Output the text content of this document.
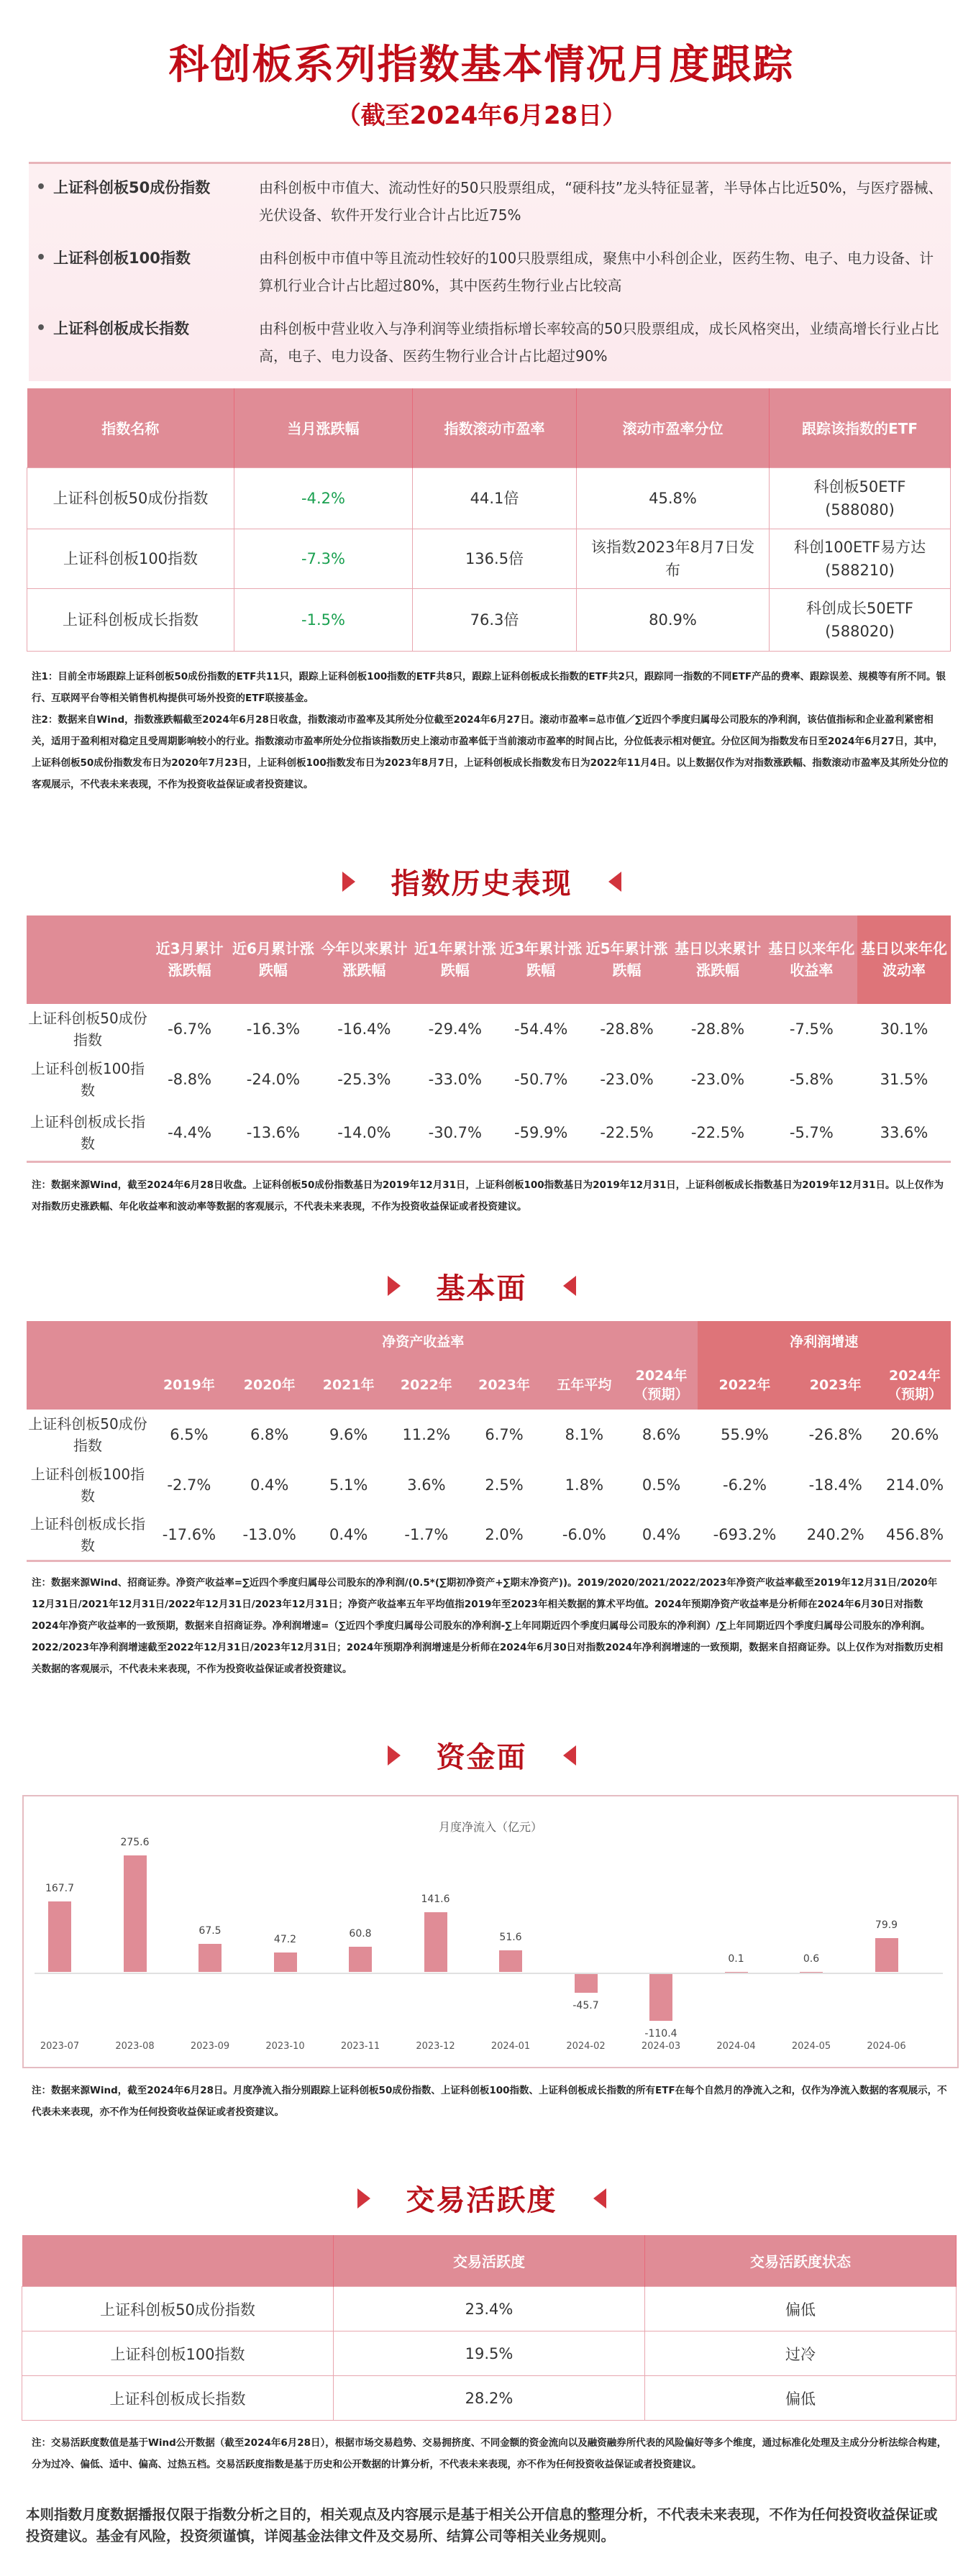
科创板系列指数基本情况月度跟踪
（截至2024年6月28日）
• 上证科创板50成份指数	由科创板中市值大、流动性好的50只股票组成，“硬科技”龙头特征显著，半导体占比近50%，与医疗器械、光伏设备、软件开发行业合计占比近75%
• 上证科创板100指数	由科创板中市值中等且流动性较好的100只股票组成，聚焦中小科创企业，医药生物、电子、电力设备、计算机行业合计占比超过80%，其中医药生物行业占比较高
• 上证科创板成长指数	由科创板中营业收入与净利润等业绩指标增长率较高的50只股票组成，成长风格突出，业绩高增长行业占比高，电子、电力设备、医药生物行业合计占比超过90%
指数名称	当月涨跌幅	指数滚动市盈率	滚动市盈率分位	跟踪该指数的ETF
上证科创板50成份指数	-4.2%	44.1倍	45.8%	科创板50ETF
(588080)

上证科创板100指数	-7.3%	136.5倍	该指数2023年8月7日发布	科创100ETF易方达
(588210)

上证科创板成长指数	-1.5%	76.3倍	80.9%	科创成长50ETF
(588020)
注1：目前全市场跟踪上证科创板50成份指数的ETF共11只，跟踪上证科创板100指数的ETF共8只，跟踪上证科创板成长指数的ETF共2只，跟踪同一指数的不同ETF产品的费率、跟踪误差、规模等有所不同。银行、互联网平台等相关销售机构提供可场外投资的ETF联接基金。
注2：数据来自Wind，指数涨跌幅截至2024年6月28日收盘，指数滚动市盈率及其所处分位截至2024年6月27日。滚动市盈率=总市值／∑近四个季度归属母公司股东的净利润，该估值指标和企业盈利紧密相关，适用于盈利相对稳定且受周期影响较小的行业。指数滚动市盈率所处分位指该指数历史上滚动市盈率低于当前滚动市盈率的时间占比，分位低表示相对便宜。分位区间为指数发布日至2024年6月27日，其中，上证科创板50成份指数发布日为2020年7月23日，上证科创板100指数发布日为2023年8月7日，上证科创板成长指数发布日为2022年11月4日。以上数据仅作为对指数涨跌幅、指数滚动市盈率及其所处分位的客观展示，不代表未来表现，不作为投资收益保证或者投资建议。
指数历史表现
	近3月累计涨跌幅	近6月累计涨跌幅	今年以来累计涨跌幅	近1年累计涨跌幅	近3年累计涨跌幅	近5年累计涨跌幅	基日以来累计涨跌幅	基日以来年化收益率	基日以来年化波动率
上证科创板50成份指数	-6.7%	-16.3%	-16.4%	-29.4%	-54.4%	-28.8%	-28.8%	-7.5%	30.1%
上证科创板100指数	-8.8%	-24.0%	-25.3%	-33.0%	-50.7%	-23.0%	-23.0%	-5.8%	31.5%
上证科创板成长指数	-4.4%	-13.6%	-14.0%	-30.7%	-59.9%	-22.5%	-22.5%	-5.7%	33.6%
注：数据来源Wind，截至2024年6月28日收盘。上证科创板50成份指数基日为2019年12月31日，上证科创板100指数基日为2019年12月31日，上证科创板成长指数基日为2019年12月31日。以上仅作为对指数历史涨跌幅、年化收益率和波动率等数据的客观展示，不代表未来表现，不作为投资收益保证或者投资建议。
基本面
	净资产收益率							净利润增速		
	2019年	2020年	2021年	2022年	2023年	五年平均	2024年（预期）	2022年	2023年	2024年（预期）
上证科创板50成份指数	6.5%	6.8%	9.6%	11.2%	6.7%	8.1%	8.6%	55.9%	-26.8%	20.6%
上证科创板100指数	-2.7%	0.4%	5.1%	3.6%	2.5%	1.8%	0.5%	-6.2%	-18.4%	214.0%
上证科创板成长指数	-17.6%	-13.0%	0.4%	-1.7%	2.0%	-6.0%	0.4%	-693.2%	240.2%	456.8%
注：数据来源Wind、招商证券。净资产收益率=∑近四个季度归属母公司股东的净利润/(0.5*(∑期初净资产+∑期末净资产))。2019/2020/2021/2022/2023年净资产收益率截至2019年12月31日/2020年12月31日/2021年12月31日/2022年12月31日/2023年12月31日；净资产收益率五年平均值指2019年至2023年相关数据的算术平均值。2024年预期净资产收益率是分析师在2024年6月30日对指数2024年净资产收益率的一致预期，数据来自招商证券。净利润增速=（∑近四个季度归属母公司股东的净利润-∑上年同期近四个季度归属母公司股东的净利润）/∑上年同期近四个季度归属母公司股东的净利润。2022/2023年净利润增速截至2022年12月31日/2023年12月31日；2024年预期净利润增速是分析师在2024年6月30日对指数2024年净利润增速的一致预期，数据来自招商证券。以上仅作为对指数历史相关数据的客观展示，不代表未来表现，不作为投资收益保证或者投资建议。
资金面
月度净流入（亿元）
167.7
2023-07
275.6
2023-08
67.5
2023-09
47.2
2023-10
60.8
2023-11
141.6
2023-12
51.6
2024-01
-45.7
2024-02
-110.4
2024-03
0.1
2024-04
0.6
2024-05
79.9
2024-06
注：数据来源Wind，截至2024年6月28日。月度净流入指分别跟踪上证科创板50成份指数、上证科创板100指数、上证科创板成长指数的所有ETF在每个自然月的净流入之和，仅作为净流入数据的客观展示，不代表未来表现，亦不作为任何投资收益保证或者投资建议。
交易活跃度
	交易活跃度	交易活跃度状态
上证科创板50成份指数	23.4%	偏低
上证科创板100指数	19.5%	过冷
上证科创板成长指数	28.2%	偏低
注：交易活跃度数值是基于Wind公开数据（截至2024年6月28日），根据市场交易趋势、交易拥挤度、不同金额的资金流向以及融资融券所代表的风险偏好等多个维度，通过标准化处理及主成分分析法综合构建，分为过冷、偏低、适中、偏高、过热五档。交易活跃度指数是基于历史和公开数据的计算分析，不代表未来表现，亦不作为任何投资收益保证或者投资建议。
本则指数月度数据播报仅限于指数分析之目的，相关观点及内容展示是基于相关公开信息的整理分析，不代表未来表现，不作为任何投资收益保证或投资建议。基金有风险，投资须谨慎，详阅基金法律文件及交易所、结算公司等相关业务规则。
